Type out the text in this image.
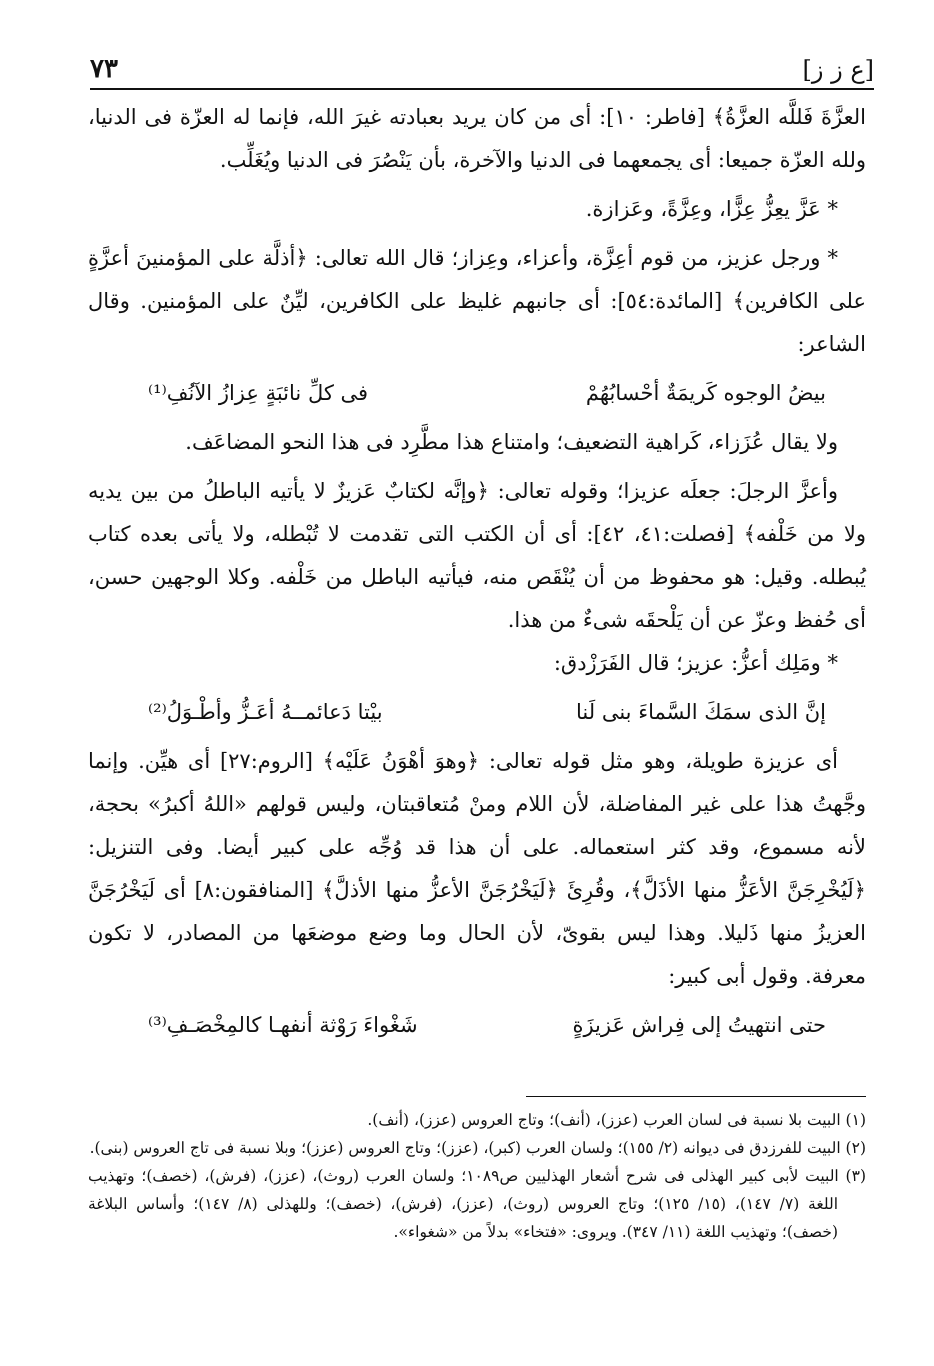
[ع ز ز]
٧٣

العزَّةَ فَللَّه العزَّةُ﴾ [فاطر: ١٠]: أى من كان يريد بعبادته غيرَ الله، فإنما له العزّة فى الدنيا، ولله العزّة جميعا: أى يجمعهما فى الدنيا والآخرة، بأن يَنْصُرَ فى الدنيا ويُغَلِّب.

* عَزَّ يعِزُّ عِزًّا، وعِزَّةً، وعَزازة.

* ورجل عزيز، من قوم أعِزَّة، وأعزاء، وعِزاز؛ قال الله تعالى: ﴿أذلَّة على المؤمنينَ أعزَّةٍ على الكافرين﴾ [المائدة:٥٤]: أى جانبهم غليظ على الكافرين، ليِّنٌ على المؤمنين. وقال الشاعر:

بيضُ الوجوه كَريمَةٌ أحْسابُهُمْ
فى كلِّ نائبَةٍ عِزازُ الآنُفِ⁽¹⁾

ولا يقال عُزَزاء، كَراهية التضعيف؛ وامتناع هذا مطَّرِد فى هذا النحو المضاعَف.

وأعزَّ الرجلَ: جعلَه عزيزا؛ وقوله تعالى: ﴿وإنَّه لكتابٌ عَزيزٌ لا يأتيه الباطلُ من بين يديه ولا من خَلْفه﴾ [فصلت:٤١، ٤٢]: أى أن الكتب التى تقدمت لا تُبْطله، ولا يأتى بعده كتاب يُبطله. وقيل: هو محفوظ من أن يُنْقَص منه، فيأتيه الباطل من خَلْفه. وكلا الوجهين حسن، أى حُفظ وعزّ عن أن يَلْحقَه شىءٌ من هذا.

* ومَلِك أعزُّ: عزيز؛ قال الفَرَزْدق:

إنَّ الذى سمَكَ السَّماءَ بنى لَنا
بيْتا دَعائمــهُ أعَـزُّ وأطْـوَلُ⁽²⁾

أى عزيزة طويلة، وهو مثل قوله تعالى: ﴿وهوَ أهْوَنُ عَلَيْه﴾ [الروم:٢٧] أى هيِّن. وإنما وجَّهتُ هذا على غير المفاضلة، لأن اللام ومنْ مُتعاقبتان، وليس قولهم «اللهُ أكبرُ» بحجة، لأنه مسموع، وقد كثر استعماله. على أن هذا قد وُجِّه على كبير أيضا. وفى التنزيل: ﴿لَيُخْرِجَنَّ الأعَزُّ منها الأذَلَّ﴾، وقُرِئَ ﴿لَيَخْرُجَنَّ الأعزُّ منها الأذلَّ﴾ [المنافقون:٨] أى لَيَخْرُجَنَّ العزيزُ منها ذَليلا. وهذا ليس بقوىّ، لأن الحال وما وضع موضعَها من المصادر، لا تكون معرفة. وقول أبى كبير:

حتى انتهيتُ إلى فِراش عَزيزَةٍ
شَغْواءَ رَوْثة أنفهـا كالمِخْصَـفِ⁽³⁾

(١) البيت بلا نسبة فى لسان العرب (عزز)، (أنف)؛ وتاج العروس (عزز)، (أنف).

(٢) البيت للفرزدق فى ديوانه (٢/ ١٥٥)؛ ولسان العرب (كبر)، (عزز)؛ وتاج العروس (عزز)؛ وبلا نسبة فى تاج العروس (بنى).

(٣) البيت لأبى كبير الهذلى فى شرح أشعار الهذليين ص١٠٨٩؛ ولسان العرب (روث)، (عزز)، (فرش)، (خصف)؛ وتهذيب اللغة (٧/ ١٤٧)، (١٥/ ١٢٥)؛ وتاج العروس (روث)، (عزز)، (فرش)، (خصف)؛ وللهذلى (٨/ ١٤٧)؛ وأساس البلاغة (خصف)؛ وتهذيب اللغة (١١/ ٣٤٧). ويروى: «فتخاء» بدلاً من «شغواء».
